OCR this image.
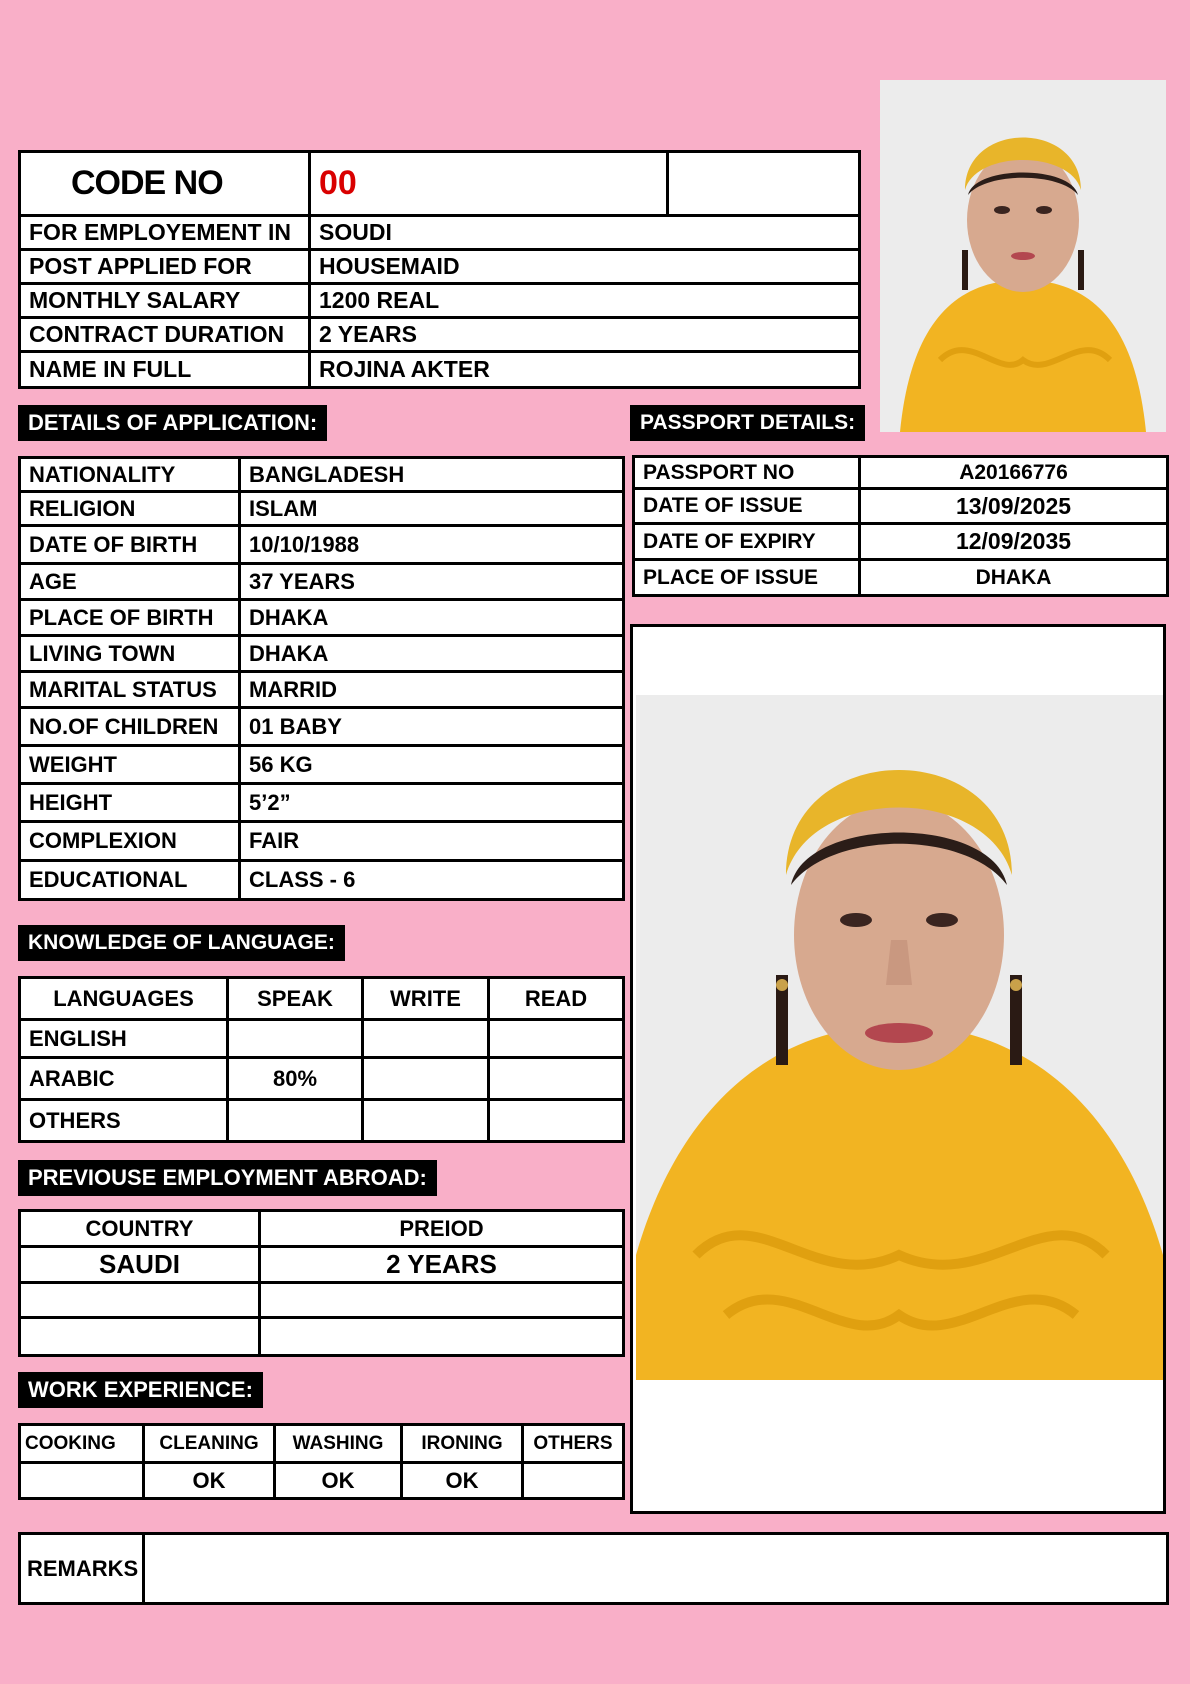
CODE NO	00	
FOR EMPLOYEMENT IN	SOUDI	
POST APPLIED FOR	HOUSEMAID	
MONTHLY SALARY	1200 REAL	
CONTRACT DURATION	2 YEARS	
NAME IN FULL	ROJINA AKTER	
DETAILS OF APPLICATION:
NATIONALITY	BANGLADESH
RELIGION	ISLAM
DATE OF BIRTH	10/10/1988
AGE	37 YEARS
PLACE OF BIRTH	DHAKA
LIVING TOWN	DHAKA
MARITAL STATUS	MARRID
NO.OF CHILDREN	01 BABY
WEIGHT	56 KG
HEIGHT	5’2”
COMPLEXION	FAIR
EDUCATIONAL	CLASS - 6
PASSPORT DETAILS:
PASSPORT NO	A20166776
DATE OF ISSUE	13/09/2025
DATE OF EXPIRY	12/09/2035
PLACE OF ISSUE	DHAKA
KNOWLEDGE OF LANGUAGE:
LANGUAGES	SPEAK	WRITE	READ
ENGLISH			
ARABIC	80%		
OTHERS			
PREVIOUSE EMPLOYMENT ABROAD:
COUNTRY	PREIOD
SAUDI	2 YEARS

WORK EXPERIENCE:
COOKING	CLEANING	WASHING	IRONING	OTHERS
	OK	OK	OK	
REMARKS	
